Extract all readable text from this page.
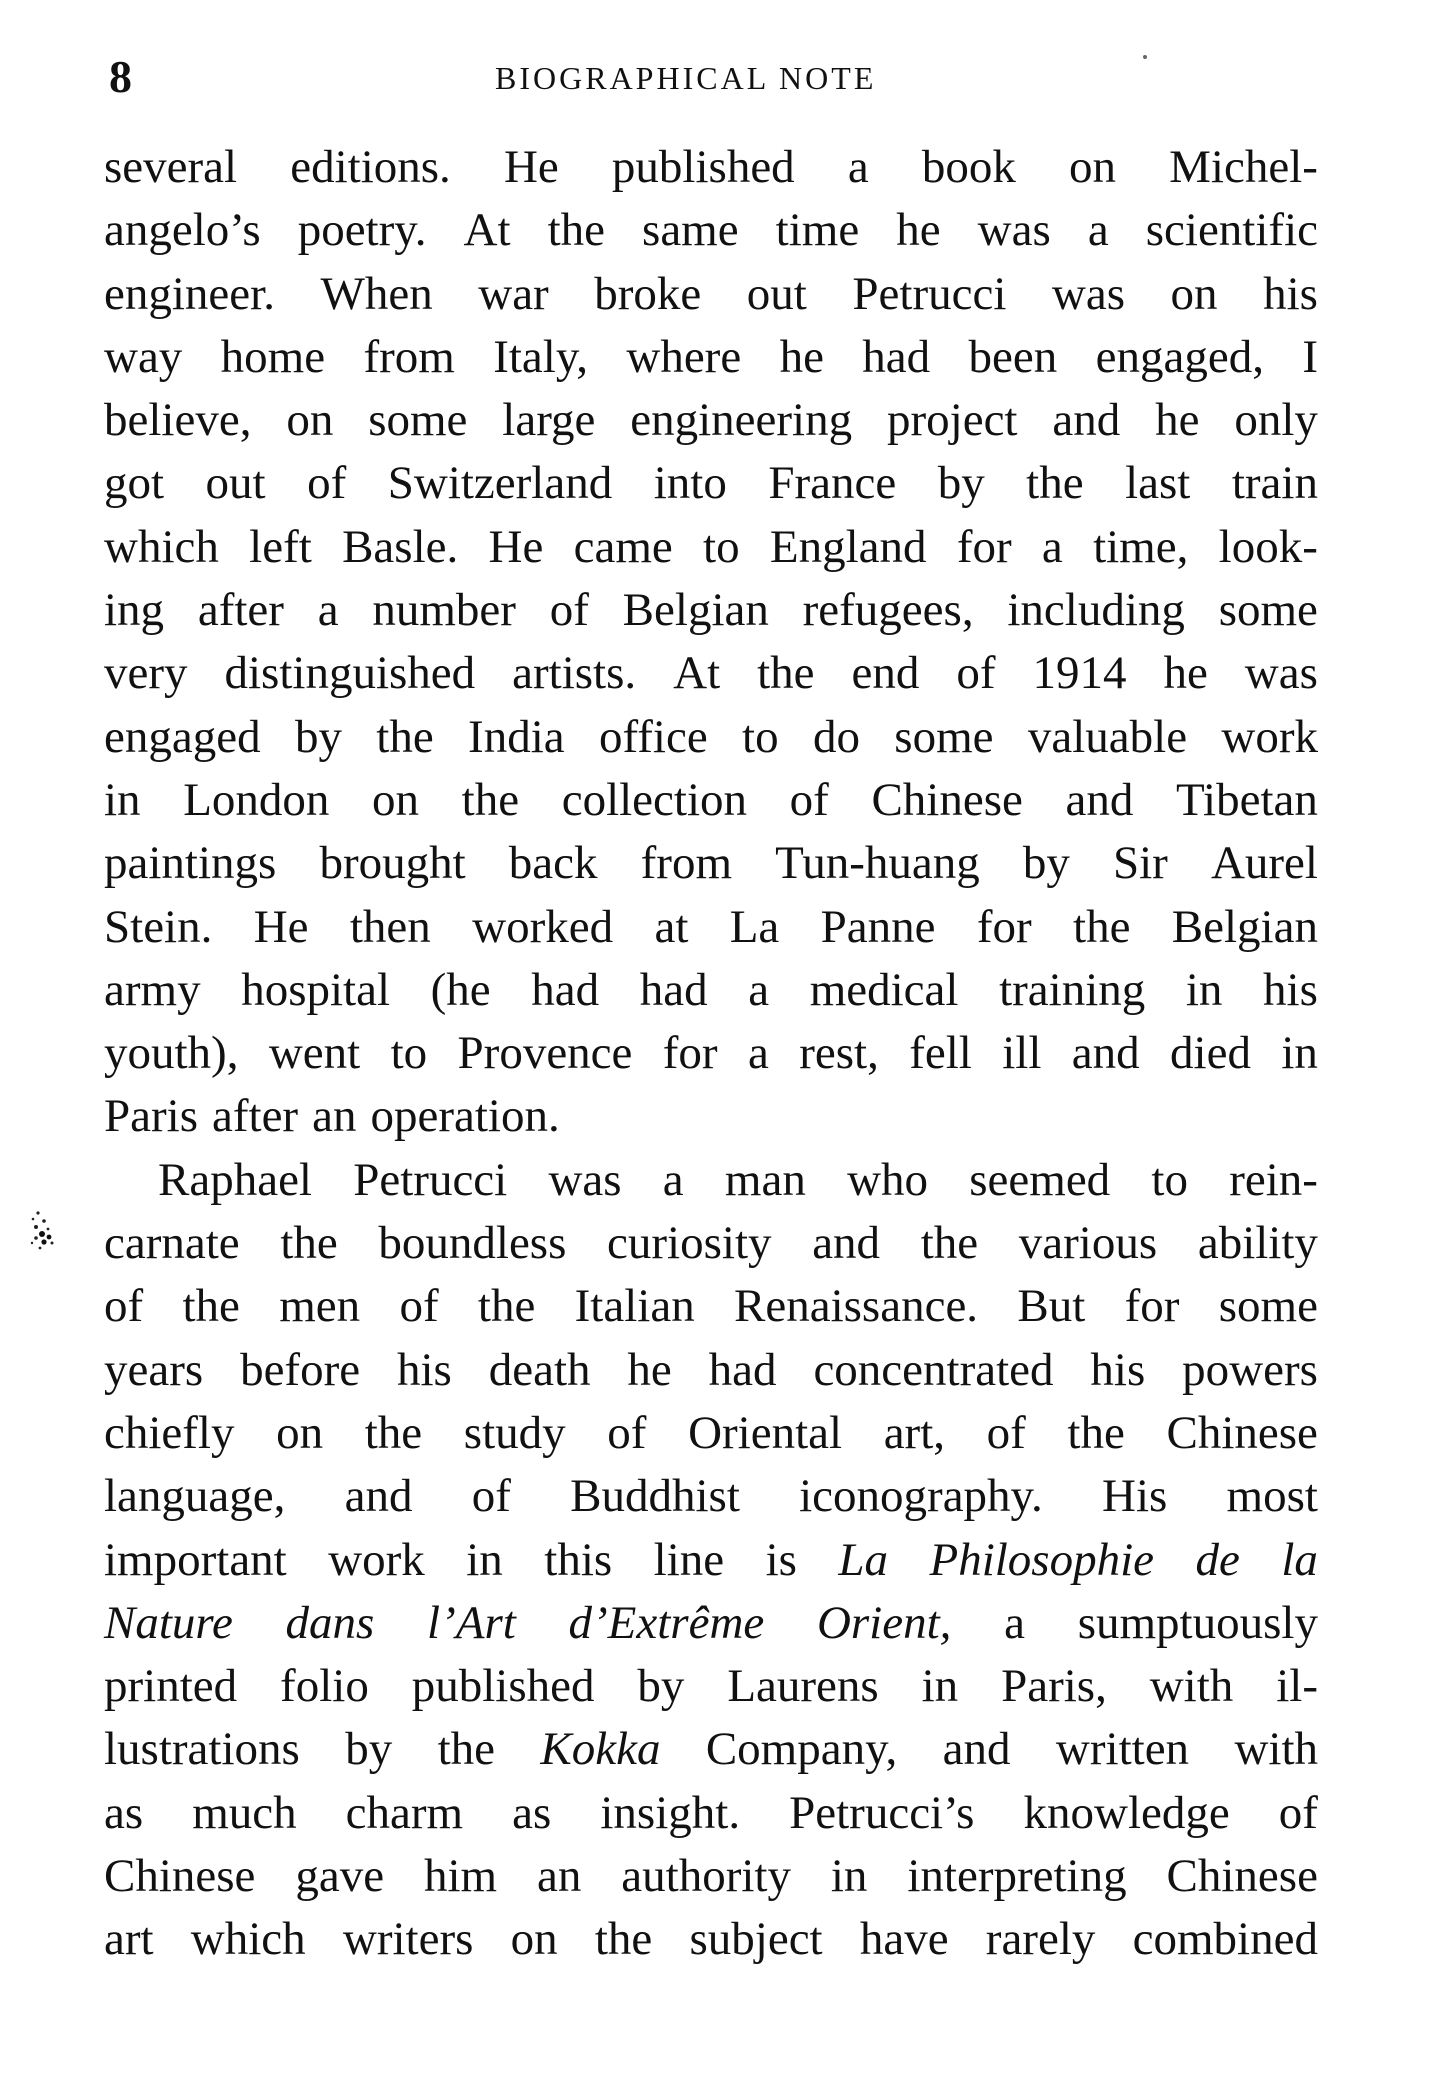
8	BIOGRAPHICAL NOTE
several editions. He published a book on Michel-
angelo’s poetry. At the same time he was a scientific
engineer. When war broke out Petrucci was on his
way home from Italy, where he had been engaged, I
believe, on some large engineering project and he only
got out of Switzerland into France by the last train
which left Basle. He came to England for a time, look-
ing after a number of Belgian refugees, including some
very distinguished artists. At the end of 1914 he was
engaged by the India office to do some valuable work
in London on the collection of Chinese and Tibetan
paintings brought back from Tun-huang by Sir Aurel
Stein. He then worked at La Panne for the Belgian
army hospital (he had had a medical training in his
youth), went to Provence for a rest, fell ill and died in
Paris after an operation.
Raphael Petrucci was a man who seemed to rein-
carnate the boundless curiosity and the various ability
of the men of the Italian Renaissance. But for some
years before his death he had concentrated his powers
chiefly on the study of Oriental art, of the Chinese
language, and of Buddhist iconography. His most
important work in this line is La Philosophie de la
Nature dans l’Art d’Extrême Orient, a sumptuously
printed folio published by Laurens in Paris, with il-
lustrations by the Kokka Company, and written with
as much charm as insight. Petrucci’s knowledge of
Chinese gave him an authority in interpreting Chinese
art which writers on the subject have rarely combined
